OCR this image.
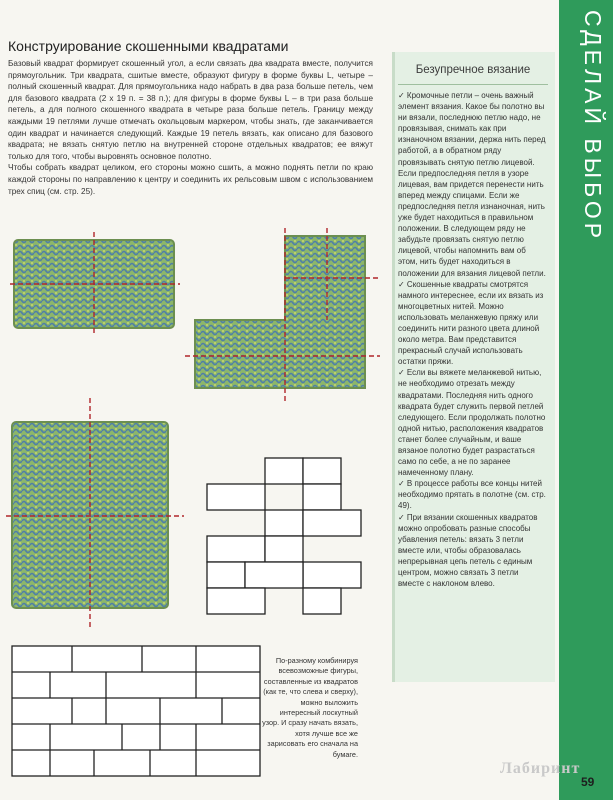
СДЕЛАЙ ВЫБОР
59
Лабиринт
Конструирование скошенными квадратами

Базовый квадрат формирует скошенный угол, а если связать два квадрата вместе, получится прямоугольник. Три квадрата, сшитые вместе, образуют фигуру в форме буквы L, четыре – полный скошенный квадрат. Для прямоугольника надо набрать в два раза больше петель, чем для базового квадрата (2 х 19 п. = 38 п.); для фигуры в форме буквы L – в три раза больше петель, а для полного скошенного квадрата в четыре раза больше петель. Границу между каждыми 19 петлями лучше отмечать окольцовым маркером, чтобы знать, где заканчивается один квадрат и начинается следующий. Каждые 19 петель вязать, как описано для базового квадрата; не вязать снятую петлю на внутренней стороне отдельных квадратов; ее вяжут только для того, чтобы выровнять основное полотно.

Чтобы собрать квадрат целиком, его стороны можно сшить, а можно поднять петли по краю каждой стороны по направлению к центру и соединить их рельсовым швом с использованием трех спиц (см. стр. 25).

Безупречное вязание

✓ Кромочные петли – очень важный элемент вязания. Какое бы полотно вы ни вязали, последнюю петлю надо, не провязывая, снимать как при изнаночном вязании, держа нить перед работой, а в обратном ряду провязывать снятую петлю лицевой. Если предпоследняя петля в узоре лицевая, вам придется перенести нить вперед между спицами. Если же предпоследняя петля изнаночная, нить уже будет находиться в правильном положении. В следующем ряду не забудьте провязать снятую петлю лицевой, чтобы напомнить вам об этом, нить будет находиться в положении для вязания лицевой петли.

✓ Скошенные квадраты смотрятся намного интереснее, если их вязать из многоцветных нитей. Можно использовать меланжевую пряжу или соединить нити разного цвета длиной около метра. Вам представится прекрасный случай использовать остатки пряжи.

✓ Если вы вяжете меланжевой нитью, не необходимо отрезать между квадратами. Последняя нить одного квадрата будет служить первой петлей следующего. Если продолжать полотно одной нитью, расположения квадратов станет более случайным, и ваше вязаное полотно будет разрастаться само по себе, а не по заранее намеченному плану.

✓ В процессе работы все концы нитей необходимо прятать в полотне (см. стр. 49).

✓ При вязании скошенных квадратов можно опробовать разные способы убавления петель: вязать 3 петли вместе или, чтобы образовалась непрерывная цепь петель с единым центром, можно связать 3 петли вместе с наклоном влево.

По-разному комбинируя всевозможные фигуры, составленные из квадратов (как те, что слева и сверху), можно выложить интересный лоскутный узор. И сразу начать вязать, хотя лучше все же зарисовать его сначала на бумаге.
